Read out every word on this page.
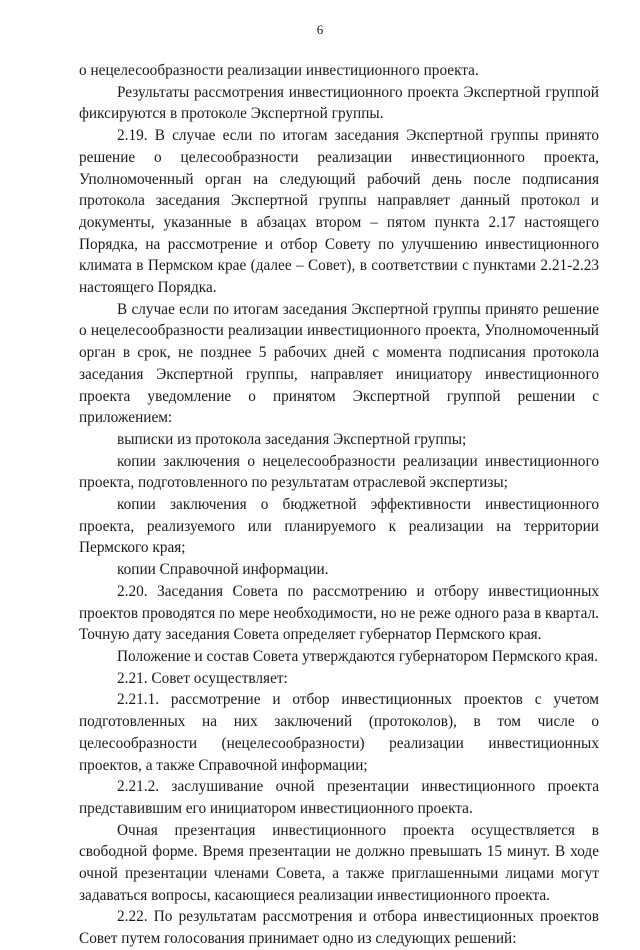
6

о нецелесообразности реализации инвестиционного проекта.

Результаты рассмотрения инвестиционного проекта Экспертной группой фиксируются в протоколе Экспертной группы.

2.19. В случае если по итогам заседания Экспертной группы принято решение о целесообразности реализации инвестиционного проекта, Уполномоченный орган на следующий рабочий день после подписания протокола заседания Экспертной группы направляет данный протокол и документы, указанные в абзацах втором – пятом пункта 2.17 настоящего Порядка, на рассмотрение и отбор Совету по улучшению инвестиционного климата в Пермском крае (далее – Совет), в соответствии с пунктами 2.21-2.23 настоящего Порядка.

В случае если по итогам заседания Экспертной группы принято решение о нецелесообразности реализации инвестиционного проекта, Уполномоченный орган в срок, не позднее 5 рабочих дней с момента подписания протокола заседания Экспертной группы, направляет инициатору инвестиционного проекта уведомление о принятом Экспертной группой решении с приложением:

выписки из протокола заседания Экспертной группы;

копии заключения о нецелесообразности реализации инвестиционного проекта, подготовленного по результатам отраслевой экспертизы;

копии заключения о бюджетной эффективности инвестиционного проекта, реализуемого или планируемого к реализации на территории Пермского края;

копии Справочной информации.

2.20. Заседания Совета по рассмотрению и отбору инвестиционных проектов проводятся по мере необходимости, но не реже одного раза в квартал. Точную дату заседания Совета определяет губернатор Пермского края.

Положение и состав Совета утверждаются губернатором Пермского края.

2.21. Совет осуществляет:

2.21.1. рассмотрение и отбор инвестиционных проектов с учетом подготовленных на них заключений (протоколов), в том числе о целесообразности (нецелесообразности) реализации инвестиционных проектов, а также Справочной информации;

2.21.2. заслушивание очной презентации инвестиционного проекта представившим его инициатором инвестиционного проекта.

Очная презентация инвестиционного проекта осуществляется в свободной форме. Время презентации не должно превышать 15 минут. В ходе очной презентации членами Совета, а также приглашенными лицами могут задаваться вопросы, касающиеся реализации инвестиционного проекта.

2.22. По результатам рассмотрения и отбора инвестиционных проектов Совет путем голосования принимает одно из следующих решений:
